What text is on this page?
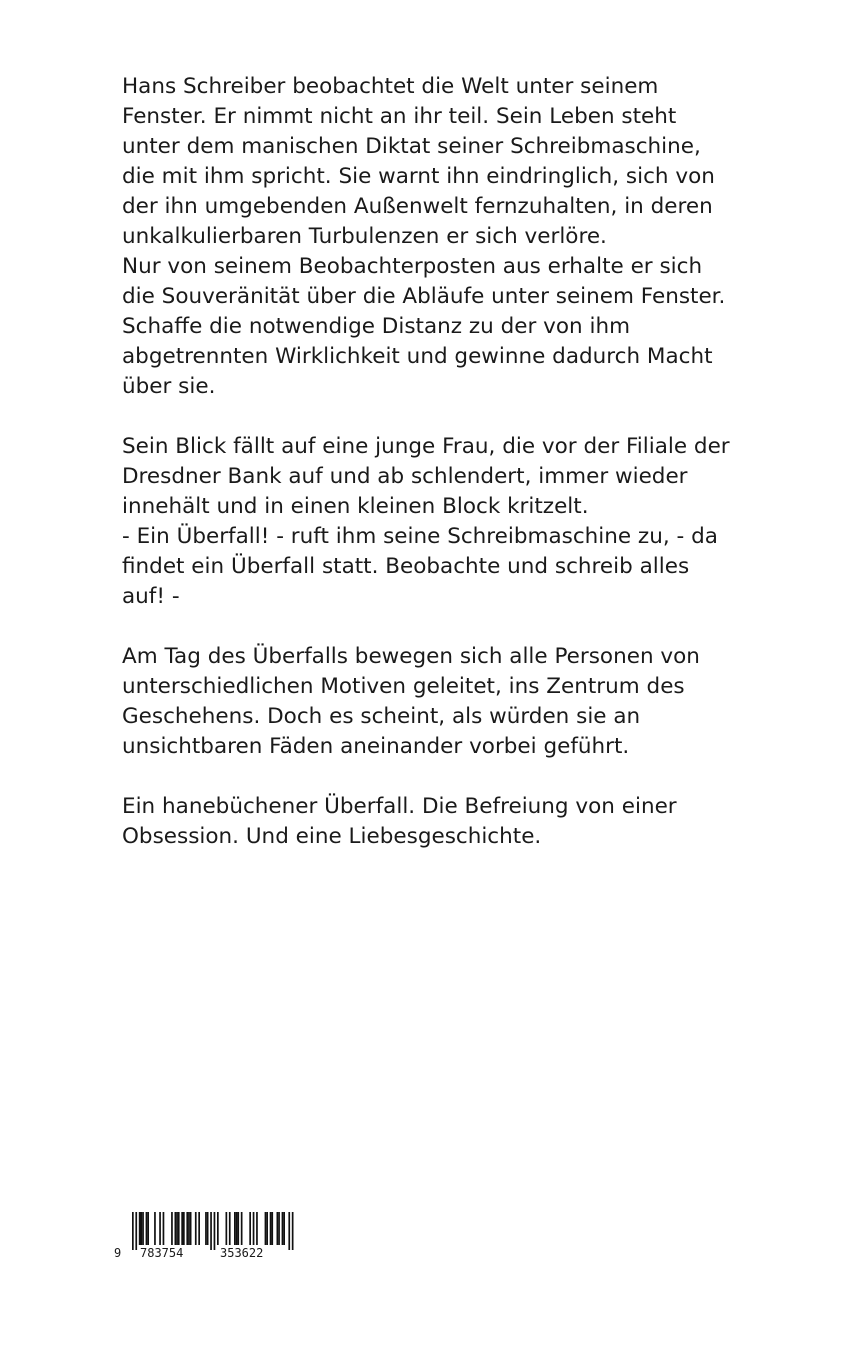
Hans Schreiber beobachtet die Welt unter seinem
Fenster. Er nimmt nicht an ihr teil. Sein Leben steht
unter dem manischen Diktat seiner Schreibmaschine,
die mit ihm spricht. Sie warnt ihn eindringlich, sich von
der ihn umgebenden Außenwelt fernzuhalten, in deren
unkalkulierbaren Turbulenzen er sich verlöre.
Nur von seinem Beobachterposten aus erhalte er sich
die Souveränität über die Abläufe unter seinem Fenster.
Schaffe die notwendige Distanz zu der von ihm
abgetrennten Wirklichkeit und gewinne dadurch Macht
über sie.

Sein Blick fällt auf eine junge Frau, die vor der Filiale der
Dresdner Bank auf und ab schlendert, immer wieder
innehält und in einen kleinen Block kritzelt.
- Ein Überfall! - ruft ihm seine Schreibmaschine zu, - da
findet ein Überfall statt. Beobachte und schreib alles
auf! -

Am Tag des Überfalls bewegen sich alle Personen von
unterschiedlichen Motiven geleitet, ins Zentrum des
Geschehens. Doch es scheint, als würden sie an
unsichtbaren Fäden aneinander vorbei geführt.

Ein hanebüchener Überfall. Die Befreiung von einer
Obsession. Und eine Liebesgeschichte.

9 783754	353622
